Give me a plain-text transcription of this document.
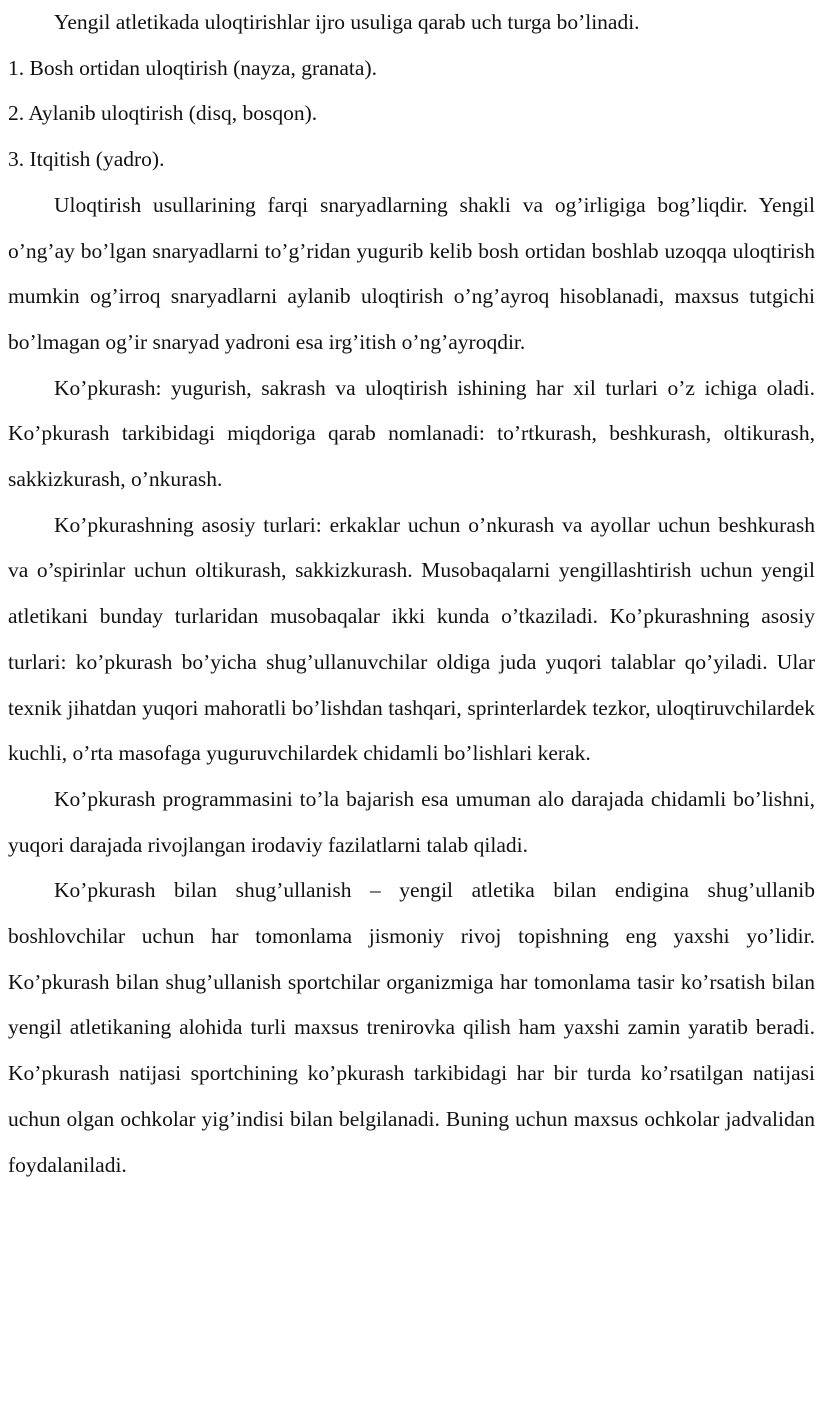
Yengil atletikada uloqtirishlar ijro usuliga qarab uch turga bo’linadi.

1. Bosh ortidan uloqtirish (nayza, granata).

2. Aylanib uloqtirish (disq, bosqon).

3. Itqitish (yadro).

Uloqtirish usullarining farqi snaryadlarning shakli va og’irligiga bog’liqdir. Yengil o’ng’ay bo’lgan snaryadlarni to’g’ridan yugurib kelib bosh ortidan boshlab uzoqqa uloqtirish mumkin og’irroq snaryadlarni aylanib uloqtirish o’ng’ayroq hisoblanadi, maxsus tutgichi bo’lmagan og’ir snaryad yadroni esa irg’itish o’ng’ayroqdir.

Ko’pkurash: yugurish, sakrash va uloqtirish ishining har xil turlari o’z ichiga oladi. Ko’pkurash tarkibidagi miqdoriga qarab nomlanadi: to’rtkurash, beshkurash, oltikurash, sakkizkurash, o’nkurash.

Ko’pkurashning asosiy turlari: erkaklar uchun o’nkurash va ayollar uchun beshkurash va o’spirinlar uchun oltikurash, sakkizkurash. Musobaqalarni yengillashtirish uchun yengil atletikani bunday turlaridan musobaqalar ikki kunda o’tkaziladi. Ko’pkurashning asosiy turlari: ko’pkurash bo’yicha shug’ullanuvchilar oldiga juda yuqori talablar qo’yiladi. Ular texnik jihatdan yuqori mahoratli bo’lishdan tashqari, sprinterlardek tezkor, uloqtiruvchilardek kuchli, o’rta masofaga yuguruvchilardek chidamli bo’lishlari kerak.

Ko’pkurash programmasini to’la bajarish esa umuman alo darajada chidamli bo’lishni, yuqori darajada rivojlangan irodaviy fazilatlarni talab qiladi.

Ko’pkurash bilan shug’ullanish – yengil atletika bilan endigina shug’ullanib boshlovchilar uchun har tomonlama jismoniy rivoj topishning eng yaxshi yo’lidir. Ko’pkurash bilan shug’ullanish sportchilar organizmiga har tomonlama tasir ko’rsatish bilan yengil atletikaning alohida turli maxsus trenirovka qilish ham yaxshi zamin yaratib beradi. Ko’pkurash natijasi sportchining ko’pkurash tarkibidagi har bir turda ko’rsatilgan natijasi uchun olgan ochkolar yig’indisi bilan belgilanadi. Buning uchun maxsus ochkolar jadvalidan foydalaniladi.
